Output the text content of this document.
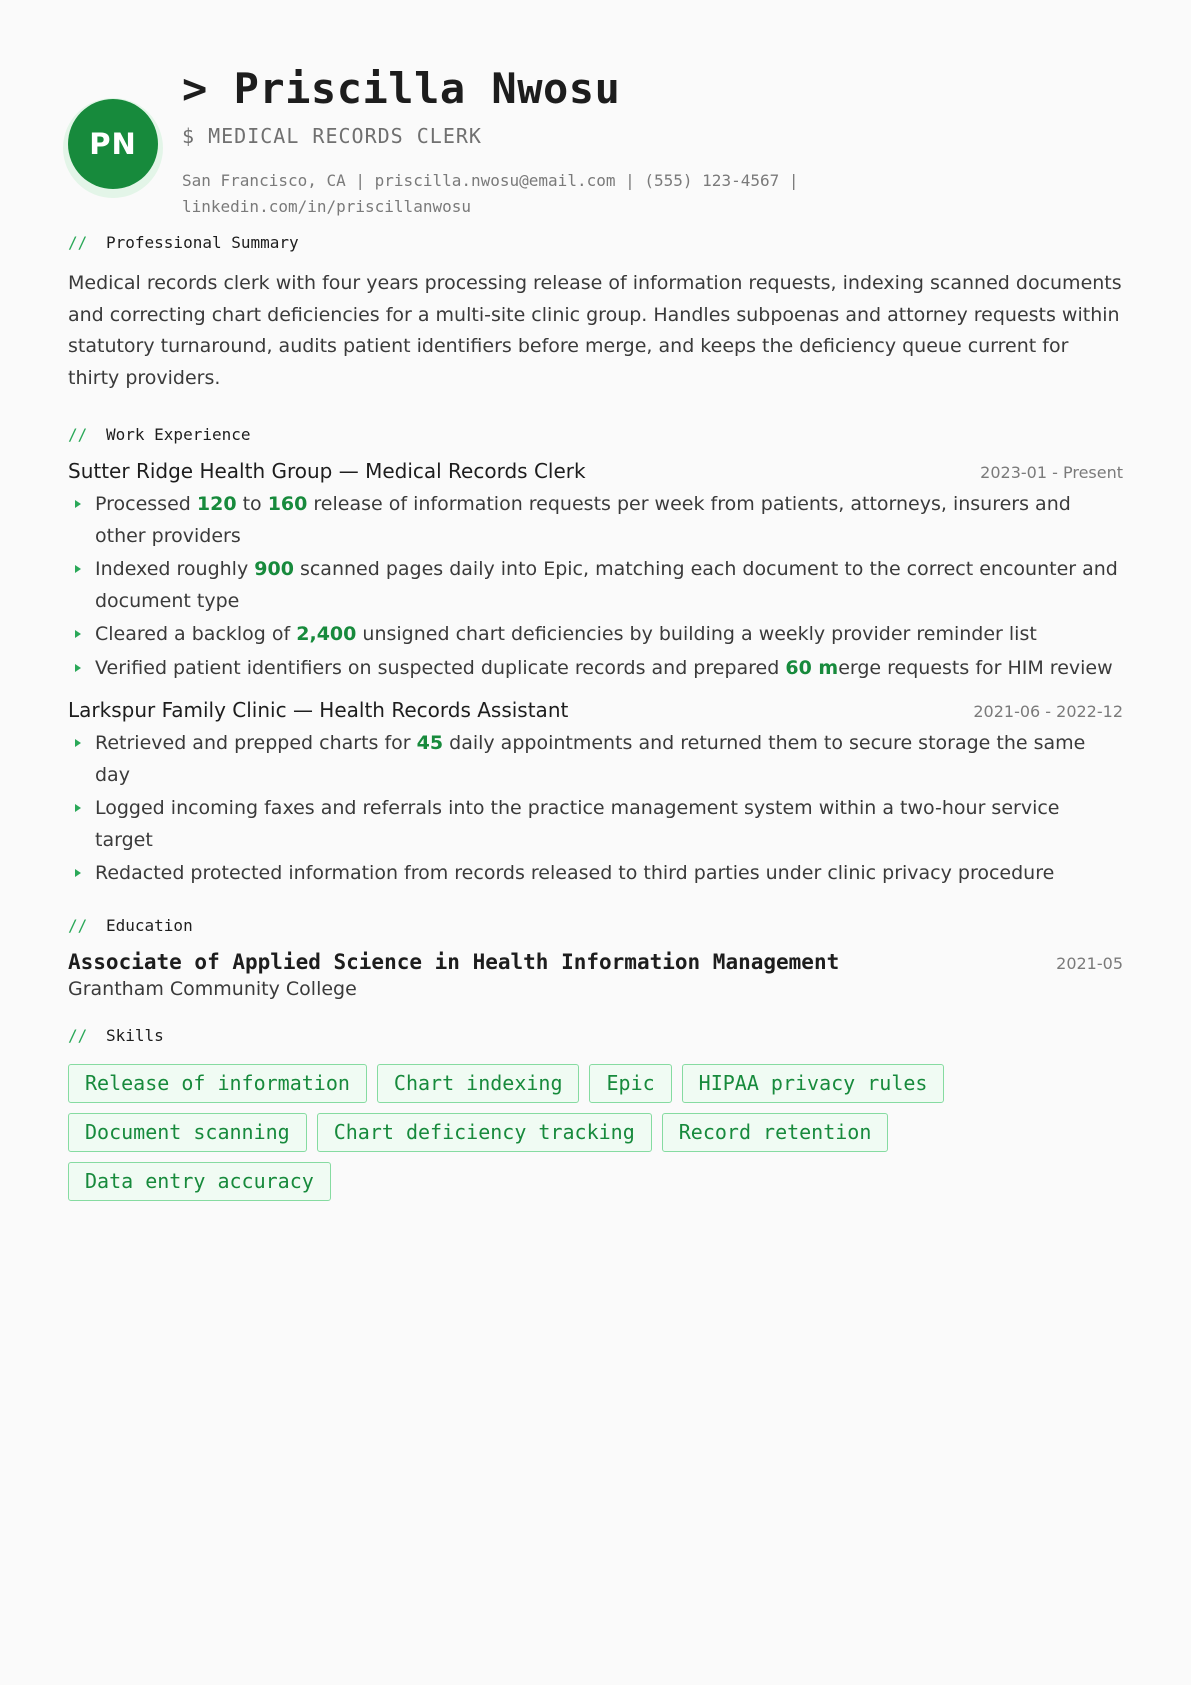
PN
> Priscilla Nwosu
$ MEDICAL RECORDS CLERK
San Francisco, CA | priscilla.nwosu@email.com | (555) 123-4567 | linkedin.com/in/priscillanwosu
//	Professional Summary

Medical records clerk with four years processing release of information requests, indexing scanned documents and correcting chart deficiencies for a multi-site clinic group. Handles subpoenas and attorney requests within statutory turnaround, audits patient identifiers before merge, and keeps the deficiency queue current for thirty providers.

//	Work Experience
Sutter Ridge Health Group — Medical Records Clerk	2023-01 - Present
Processed 120 to 160 release of information requests per week from patients, attorneys, insurers and other providers
Indexed roughly 900 scanned pages daily into Epic, matching each document to the correct encounter and document type
Cleared a backlog of 2,400 unsigned chart deficiencies by building a weekly provider reminder list
Verified patient identifiers on suspected duplicate records and prepared 60 merge requests for HIM review
Larkspur Family Clinic — Health Records Assistant	2021-06 - 2022-12
Retrieved and prepped charts for 45 daily appointments and returned them to secure storage the same day
Logged incoming faxes and referrals into the practice management system within a two-hour service target
Redacted protected information from records released to third parties under clinic privacy procedure
//	Education
Associate of Applied Science in Health Information Management	2021-05
Grantham Community College
//	Skills
Release of information	Chart indexing	Epic	HIPAA privacy rules
Document scanning	Chart deficiency tracking	Record retention
Data entry accuracy
